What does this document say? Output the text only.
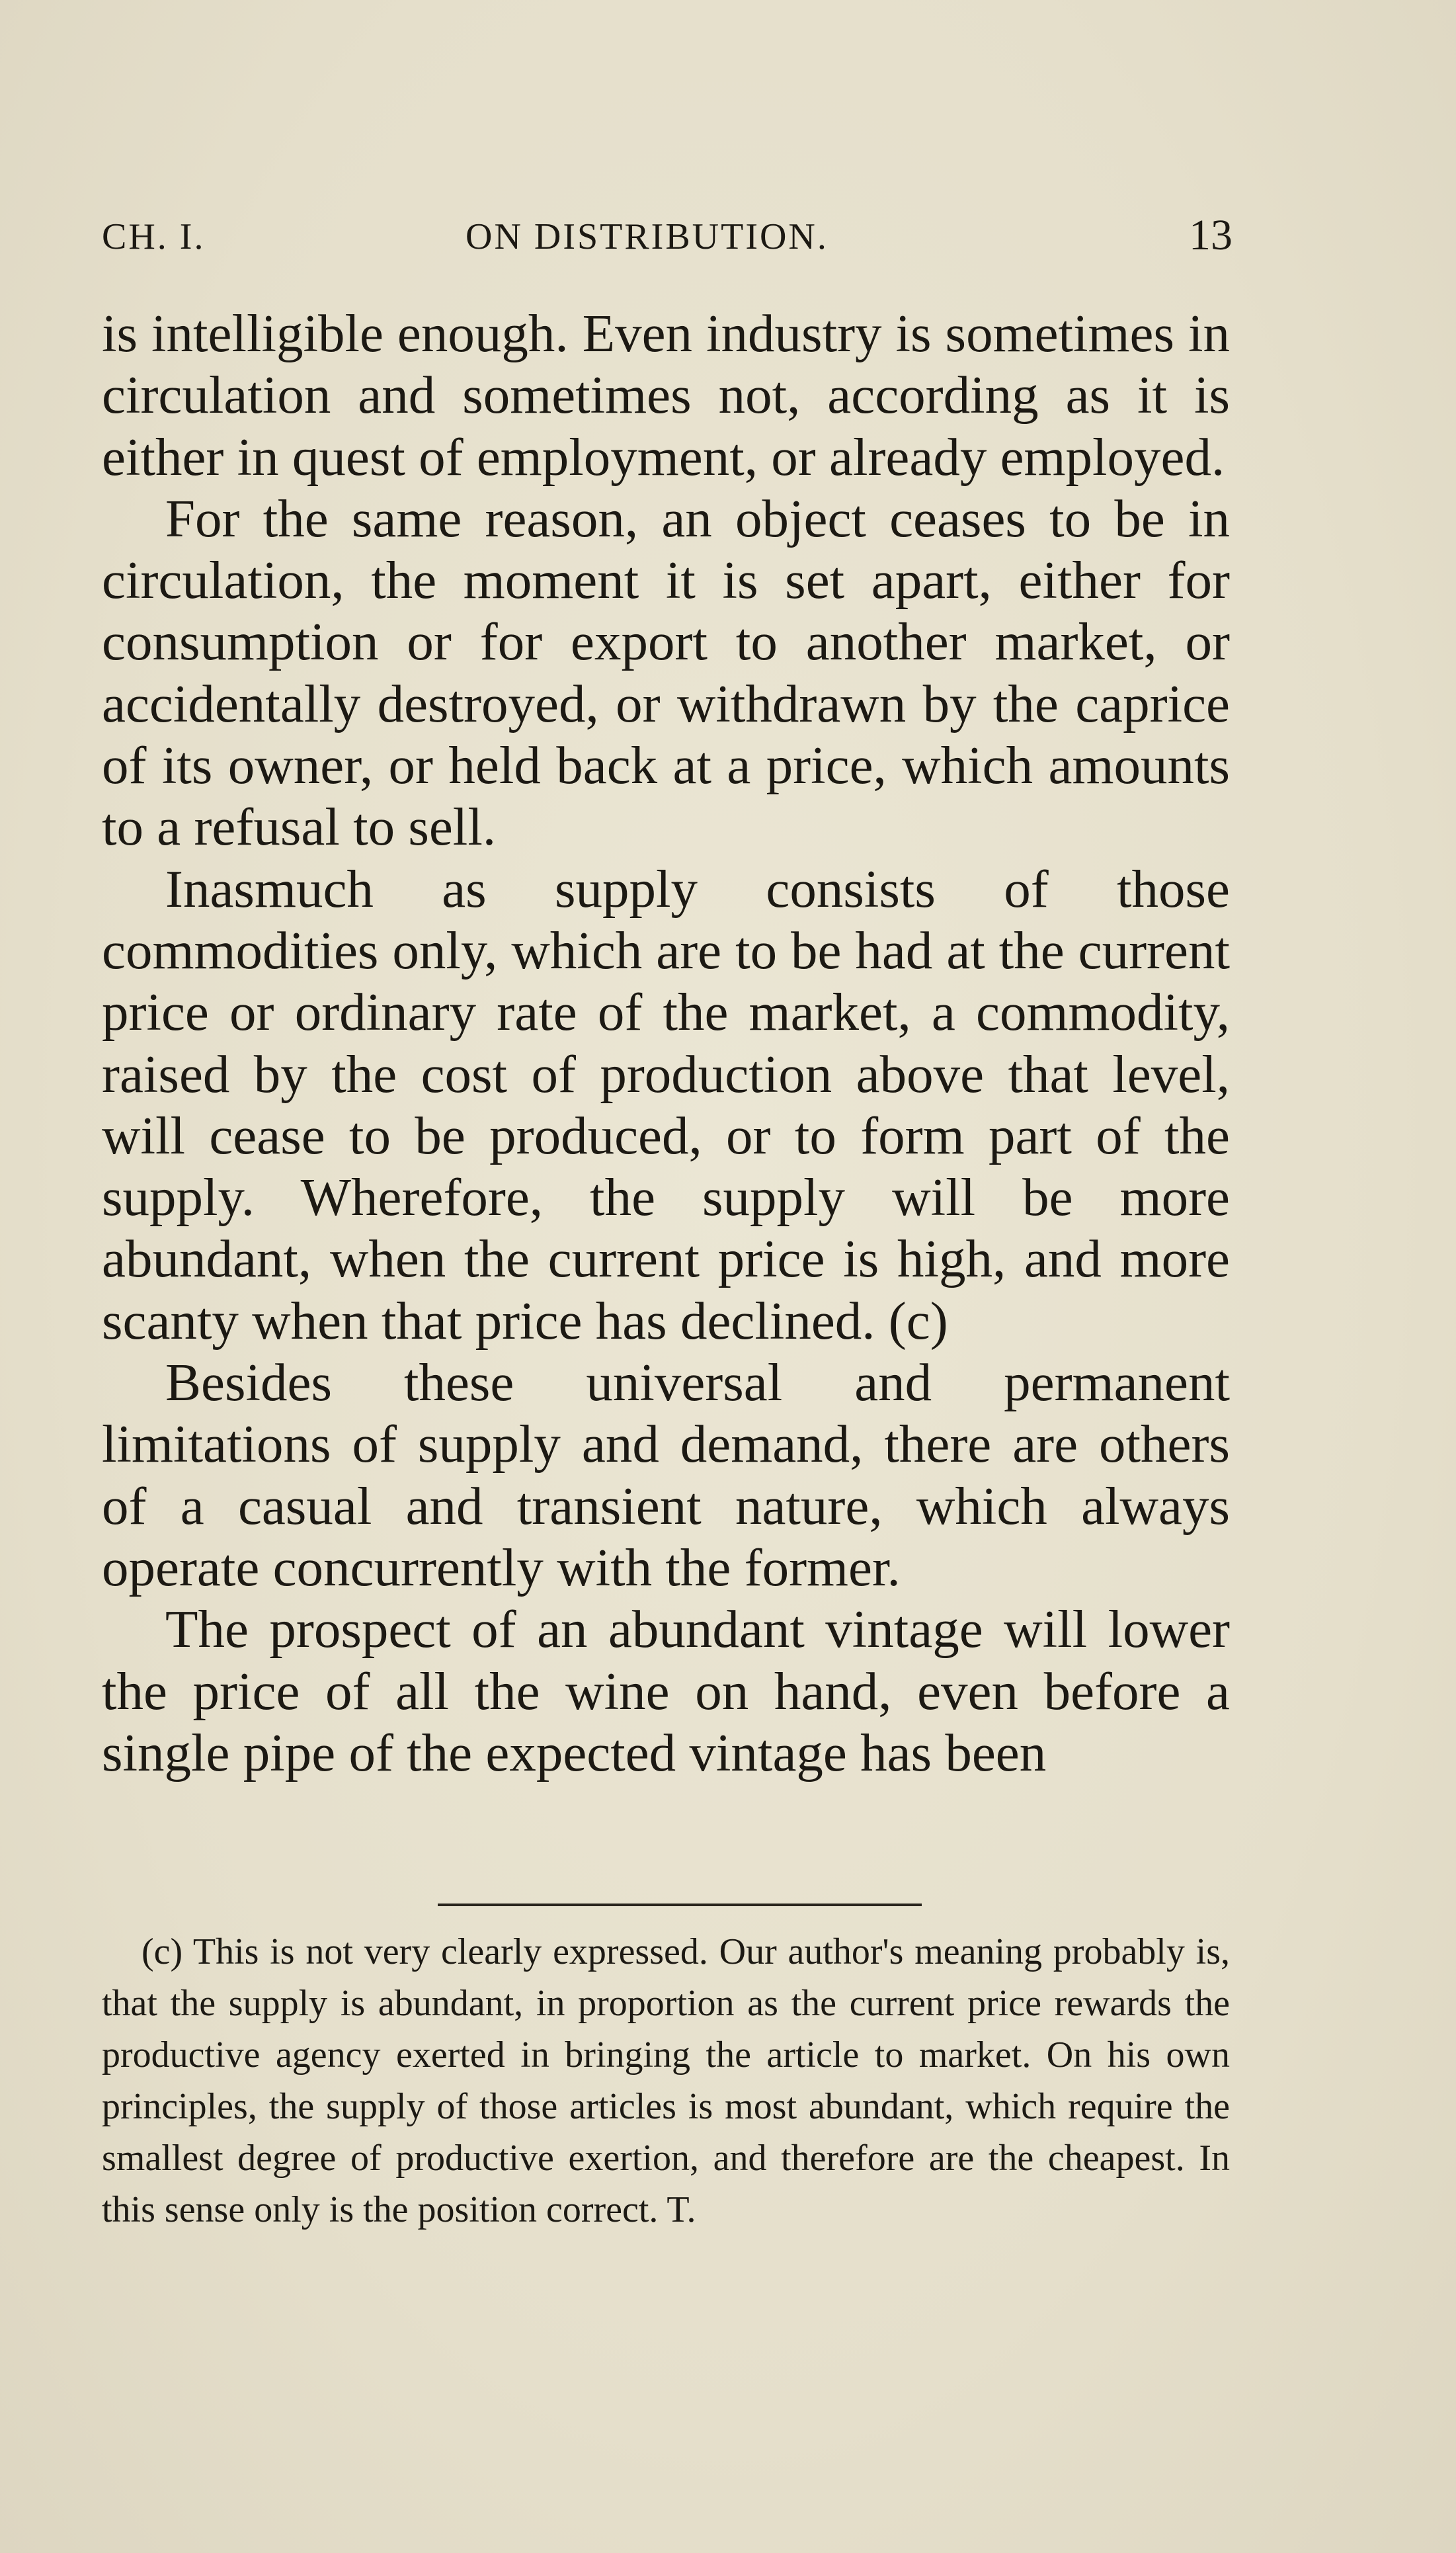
CH. I.	ON DISTRIBUTION.	13

is intelligible enough. Even industry is sometimes in circulation and sometimes not, according as it is either in quest of employment, or already employed.

For the same reason, an object ceases to be in circulation, the moment it is set apart, either for consumption or for export to another market, or accidentally destroyed, or withdrawn by the caprice of its owner, or held back at a price, which amounts to a refusal to sell.

Inasmuch as supply consists of those commodities only, which are to be had at the current price or ordinary rate of the market, a commodity, raised by the cost of production above that level, will cease to be produced, or to form part of the supply. Wherefore, the supply will be more abundant, when the current price is high, and more scanty when that price has declined. (c)

Besides these universal and permanent limitations of supply and demand, there are others of a casual and transient nature, which always operate concurrently with the former.

The prospect of an abundant vintage will lower the price of all the wine on hand, even before a single pipe of the expected vintage has been

(c) This is not very clearly expressed. Our author's meaning probably is, that the supply is abundant, in proportion as the current price rewards the productive agency exerted in bringing the article to market. On his own principles, the supply of those articles is most abundant, which require the smallest degree of productive exertion, and therefore are the cheapest. In this sense only is the position correct. T.
